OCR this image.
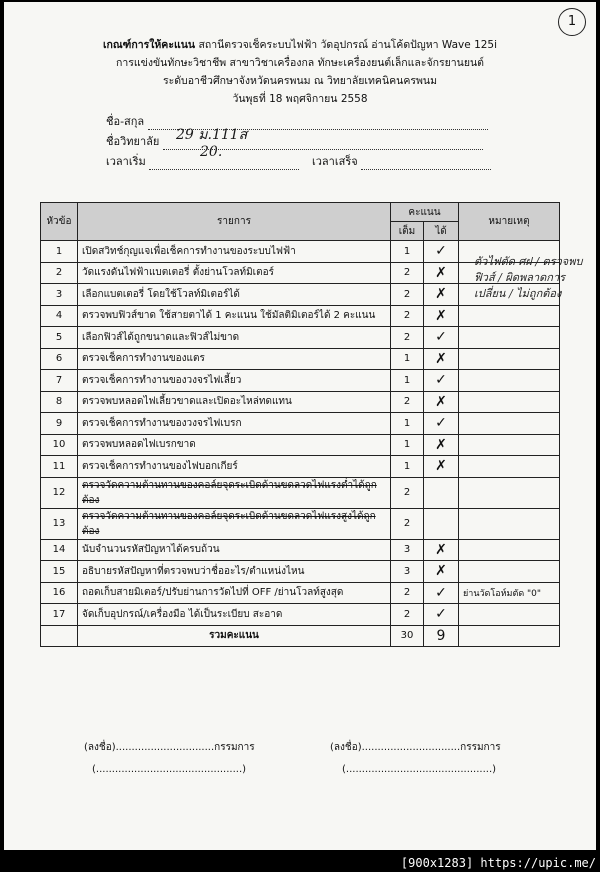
1
เกณฑ์การให้คะแนน สถานีตรวจเช็คระบบไฟฟ้า วัดอุปกรณ์ อ่านโค้ดปัญหา Wave 125i
การแข่งขันทักษะวิชาชีพ สาขาวิชาเครื่องกล ทักษะเครื่องยนต์เล็กและจักรยานยนต์
ระดับอาชีวศึกษาจังหวัดนครพนม ณ วิทยาลัยเทคนิคนครพนม
วันพุธที่ 18 พฤศจิกายน 2558
ชื่อ-สกุล
ชื่อวิทยาลัย	29 ม.111ส
เวลาเริ่ม
20.
เวลาเสร็จ
หัวข้อ	รายการ	คะแนน		หมายเหตุ
		เต็ม	ได้	
1	เปิดสวิทช์กุญแจเพื่อเช็คการทำงานของระบบไฟฟ้า	1	✓	
2	วัดแรงดันไฟฟ้าแบตเตอรี่ ตั้งย่านโวลท์มิเตอร์	2	✗	
3	เลือกแบตเตอรี่ โดยใช้โวลท์มิเตอร์ได้	2	✗	
4	ตรวจพบฟิวส์ขาด ใช้สายตาได้ 1 คะแนน ใช้มัลติมิเตอร์ได้ 2 คะแนน	2	✗	
5	เลือกฟิวส์ได้ถูกขนาดและฟิวส์ไม่ขาด	2	✓	
6	ตรวจเช็คการทำงานของแตร	1	✗	
7	ตรวจเช็คการทำงานของวงจรไฟเลี้ยว	1	✓	
8	ตรวจพบหลอดไฟเลี้ยวขาดและเปิดอะไหล่ทดแทน	2	✗	
9	ตรวจเช็คการทำงานของวงจรไฟเบรก	1	✓	
10	ตรวจพบหลอดไฟเบรกขาด	1	✗	
11	ตรวจเช็คการทำงานของไฟบอกเกียร์	1	✗	
12	ตรวจวัดความต้านทานของคอล์ยจุดระเบิดด้านขดลวดไฟแรงต่ำได้ถูกต้อง	2		
13	ตรวจวัดความต้านทานของคอล์ยจุดระเบิดด้านขดลวดไฟแรงสูงได้ถูกต้อง	2		
14	นับจำนวนรหัสปัญหาได้ครบถ้วน	3	✗	
15	อธิบายรหัสปัญหาที่ตรวจพบว่าชื่ออะไร/ตำแหน่งไหน	3	✗	
16	ถอดเก็บสายมิเตอร์/ปรับย่านการวัดไปที่ OFF /ย่านโวลท์สูงสุด	2	✓	ย่านวัดโอห์มตัด "0"
17	จัดเก็บอุปกรณ์/เครื่องมือ ได้เป็นระเบียบ สะอาด	2	✓	
	รวมคะแนน	30	9	
ตัวไฟตัด ศฝ / ตรวจพบฟิวส์ / ผิดพลาดการเปลี่ยน / ไม่ถูกต้อง
(ลงชื่อ)...............................กรรมการ
(..............................................)
(ลงชื่อ)...............................กรรมการ
(..............................................)
[900x1283] https://upic.me/
